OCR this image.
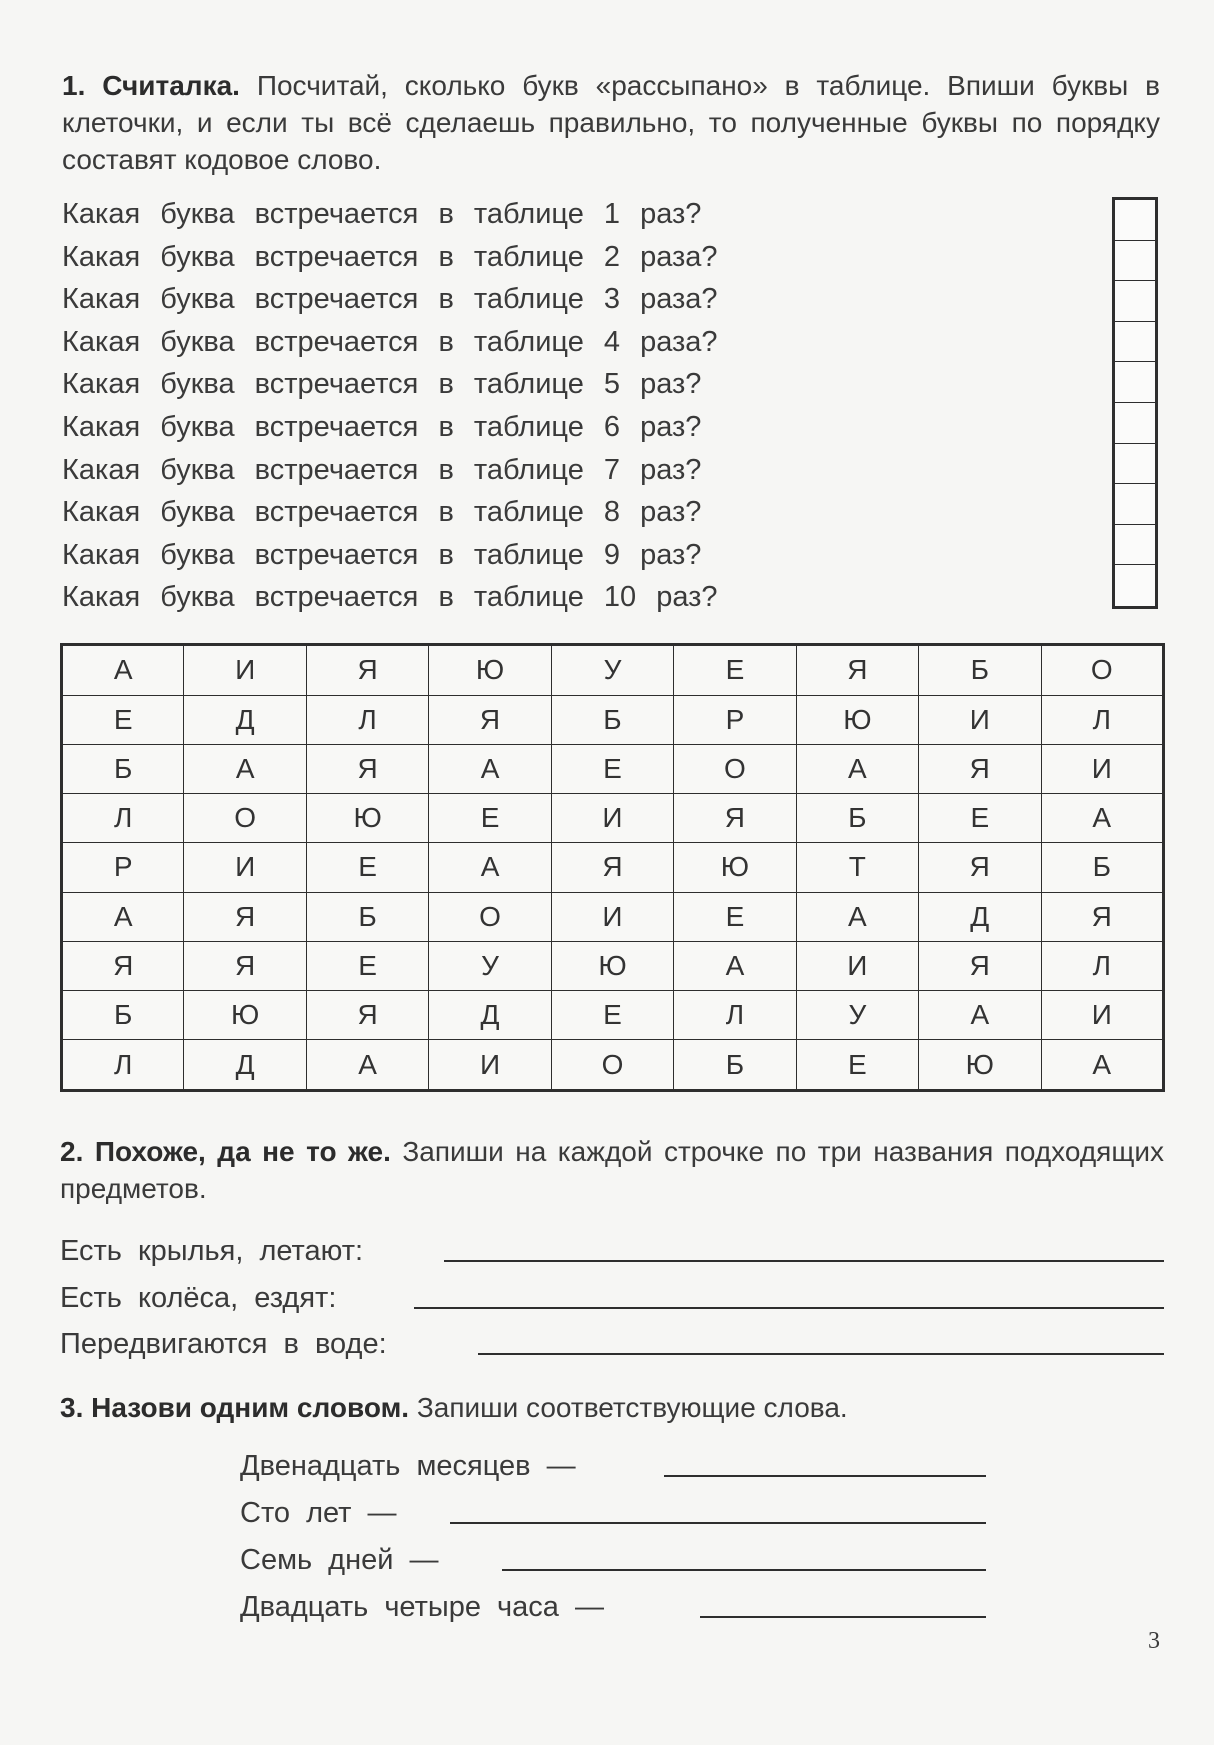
1. Считалка. Посчитай, сколько букв «рассыпано» в таблице. Впиши буквы в клеточки, и если ты всё сделаешь правильно, то полученные буквы по порядку составят кодовое слово.
Какая буква встречается в таблице 1 раз?
Какая буква встречается в таблице 2 раза?
Какая буква встречается в таблице 3 раза?
Какая буква встречается в таблице 4 раза?
Какая буква встречается в таблице 5 раз?
Какая буква встречается в таблице 6 раз?
Какая буква встречается в таблице 7 раз?
Какая буква встречается в таблице 8 раз?
Какая буква встречается в таблице 9 раз?
Какая буква встречается в таблице 10 раз?
А	И	Я	Ю	У	Е	Я	Б	О
Е	Д	Л	Я	Б	Р	Ю	И	Л
Б	А	Я	А	Е	О	А	Я	И
Л	О	Ю	Е	И	Я	Б	Е	А
Р	И	Е	А	Я	Ю	Т	Я	Б
А	Я	Б	О	И	Е	А	Д	Я
Я	Я	Е	У	Ю	А	И	Я	Л
Б	Ю	Я	Д	Е	Л	У	А	И
Л	Д	А	И	О	Б	Е	Ю	А
2. Похоже, да не то же. Запиши на каждой строчке по три названия подходящих предметов.
Есть крылья, летают:
Есть колёса, ездят:
Передвигаются в воде:
3. Назови одним словом. Запиши соответствующие слова.
Двенадцать месяцев —
Сто лет —
Семь дней —
Двадцать четыре часа —
3
